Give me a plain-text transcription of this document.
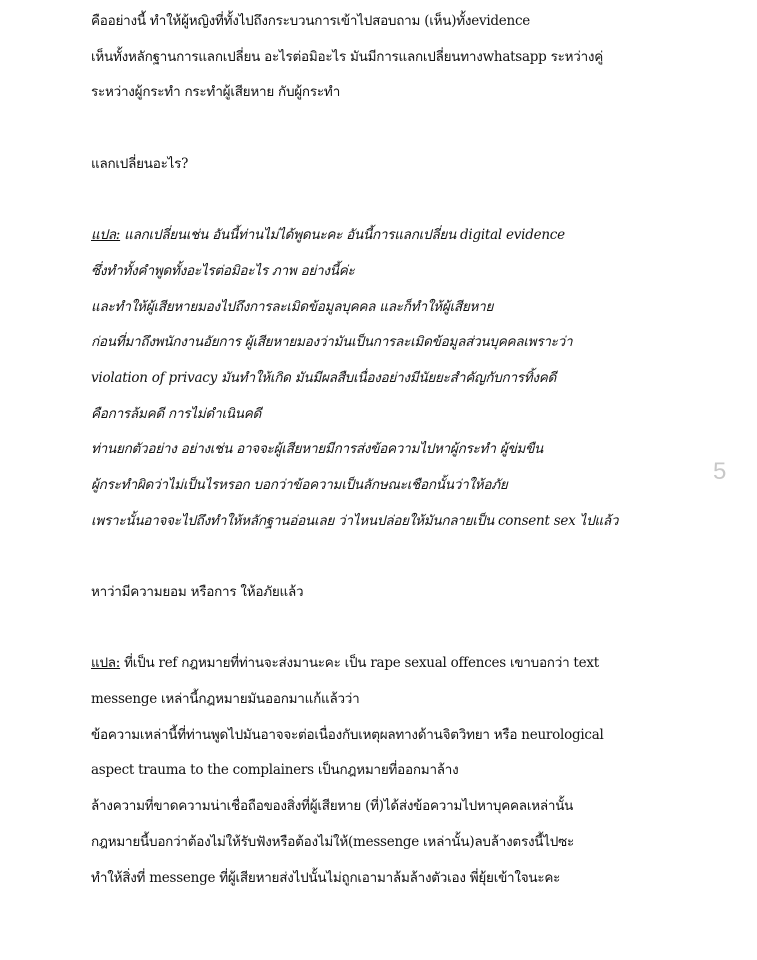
คืออย่างนี้ ทำให้ผู้หญิงที่ทั้งไปถึงกระบวนการเข้าไปสอบถาม (เห็น)ทั้งevidence
เห็นทั้งหลักฐานการแลกเปลี่ยน อะไรต่อมิอะไร มันมีการแลกเปลี่ยนทางwhatsapp ระหว่างคู่
ระหว่างผู้กระทำ กระทำผู้เสียหาย กับผู้กระทำ
แลกเปลี่ยนอะไร?
แปล: แลกเปลี่ยนเช่น อันนี้ท่านไม่ได้พูดนะคะ อันนี้การแลกเปลี่ยน digital evidence
ซึ่งทำทั้งคำพูดทั้งอะไรต่อมิอะไร ภาพ อย่างนี้ค่ะ
และทำให้ผู้เสียหายมองไปถึงการละเมิดข้อมูลบุคคล และก็ทำให้ผู้เสียหาย
ก่อนที่มาถึงพนักงานอัยการ ผู้เสียหายมองว่ามันเป็นการละเมิดข้อมูลส่วนบุคคลเพราะว่า
violation of privacy มันทำให้เกิด มันมีผลสืบเนื่องอย่างมีนัยยะสำคัญกับการทิ้งคดี
คือการล้มคดี การไม่ดำเนินคดี
ท่านยกตัวอย่าง อย่างเช่น อาจจะผู้เสียหายมีการส่งข้อความไปหาผู้กระทำ ผู้ข่มขืน
ผู้กระทำผิดว่าไม่เป็นไรหรอก บอกว่าข้อความเป็นลักษณะเชือกนั้นว่าให้อภัย
เพราะนั้นอาจจะไปถึงทำให้หลักฐานอ่อนเลย ว่าไหนปล่อยให้มันกลายเป็น consent sex ไปแล้ว
หาว่ามีความยอม หรือการ ให้อภัยแล้ว
แปล: ที่เป็น ref กฎหมายที่ท่านจะส่งมานะคะ เป็น rape sexual offences เขาบอกว่า text
messenge เหล่านี้กฎหมายมันออกมาแก้แล้วว่า
ข้อความเหล่านี้ที่ท่านพูดไปมันอาจจะต่อเนื่องกับเหตุผลทางด้านจิตวิทยา หรือ neurological
aspect trauma to the complainers เป็นกฎหมายที่ออกมาล้าง
ล้างความที่ขาดความน่าเชื่อถือของสิ่งที่ผู้เสียหาย (ที่)ได้ส่งข้อความไปหาบุคคลเหล่านั้น
กฎหมายนี้บอกว่าต้องไม่ให้รับฟังหรือต้องไม่ให้(messenge เหล่านั้น)ลบล้างตรงนี้ไปซะ
ทำให้สิ่งที่ messenge ที่ผู้เสียหายส่งไปนั้นไม่ถูกเอามาล้มล้างตัวเอง พี่ยุ้ยเข้าใจนะคะ
5
